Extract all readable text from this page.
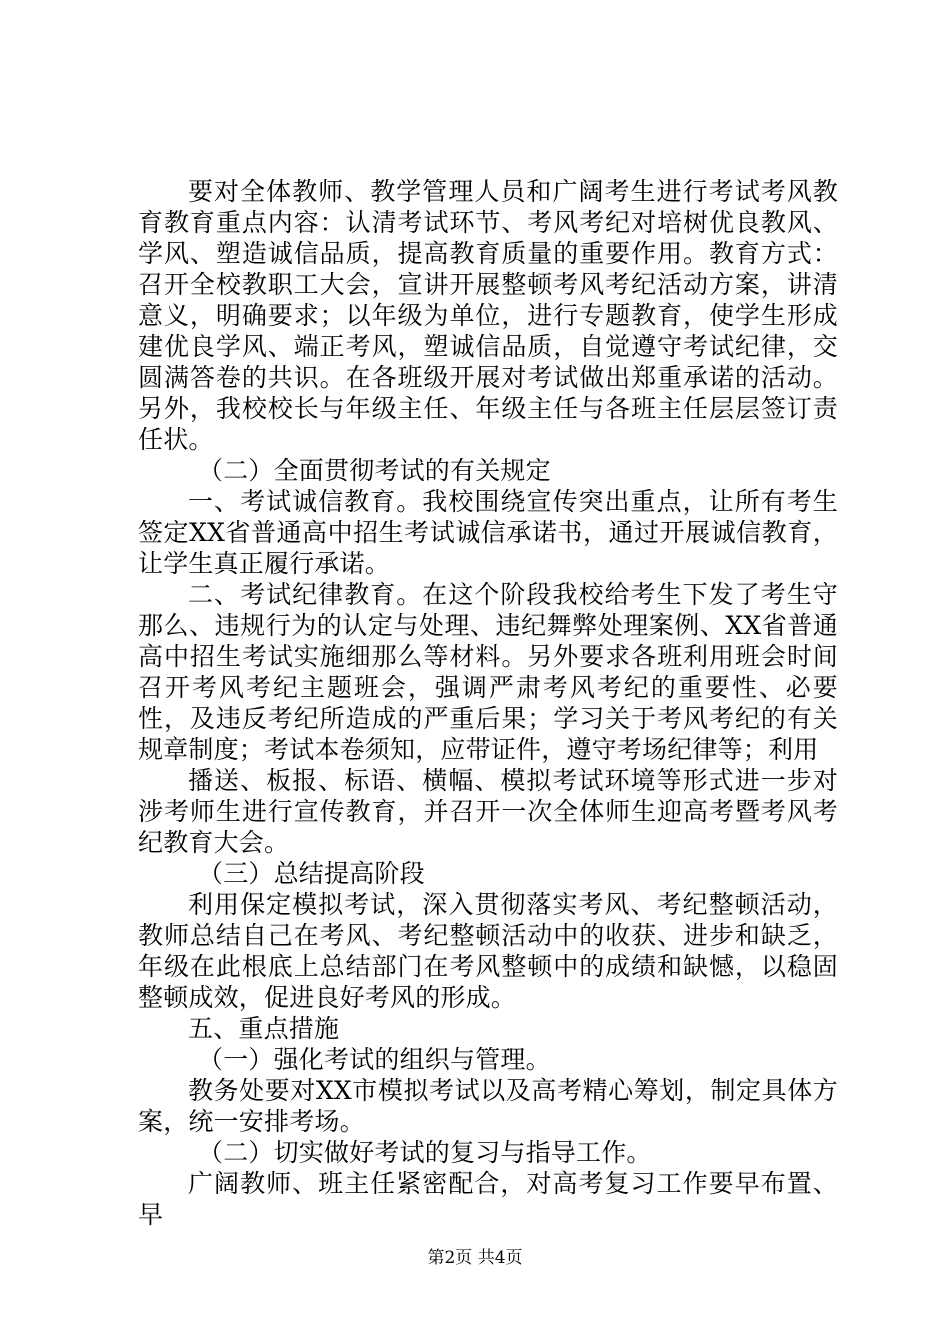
要对全体教师、教学管理人员和广阔考生进行考试考风教育教育重点内容：认清考试环节、考风考纪对培树优良教风、学风、塑造诚信品质，提高教育质量的重要作用。教育方式：召开全校教职工大会，宣讲开展整顿考风考纪活动方案，讲清意义，明确要求；以年级为单位，进行专题教育，使学生形成建优良学风、端正考风，塑诚信品质，自觉遵守考试纪律，交圆满答卷的共识。在各班级开展对考试做出郑重承诺的活动。另外，我校校长与年级主任、年级主任与各班主任层层签订责任状。

（二）全面贯彻考试的有关规定

一、考试诚信教育。我校围绕宣传突出重点，让所有考生签定XX省普通高中招生考试诚信承诺书，通过开展诚信教育，让学生真正履行承诺。

二、考试纪律教育。在这个阶段我校给考生下发了考生守那么、违规行为的认定与处理、违纪舞弊处理案例、XX省普通高中招生考试实施细那么等材料。另外要求各班利用班会时间召开考风考纪主题班会，强调严肃考风考纪的重要性、必要性，及违反考纪所造成的严重后果；学习关于考风考纪的有关规章制度；考试本卷须知，应带证件，遵守考场纪律等；利用

播送、板报、标语、横幅、模拟考试环境等形式进一步对涉考师生进行宣传教育，并召开一次全体师生迎高考暨考风考纪教育大会。

（三）总结提高阶段

利用保定模拟考试，深入贯彻落实考风、考纪整顿活动，教师总结自己在考风、考纪整顿活动中的收获、进步和缺乏，年级在此根底上总结部门在考风整顿中的成绩和缺憾，以稳固整顿成效，促进良好考风的形成。

五、重点措施

（一）强化考试的组织与管理。

教务处要对XX市模拟考试以及高考精心筹划，制定具体方案，统一安排考场。

（二）切实做好考试的复习与指导工作。

广阔教师、班主任紧密配合，对高考复习工作要早布置、早

第2页 共4页
